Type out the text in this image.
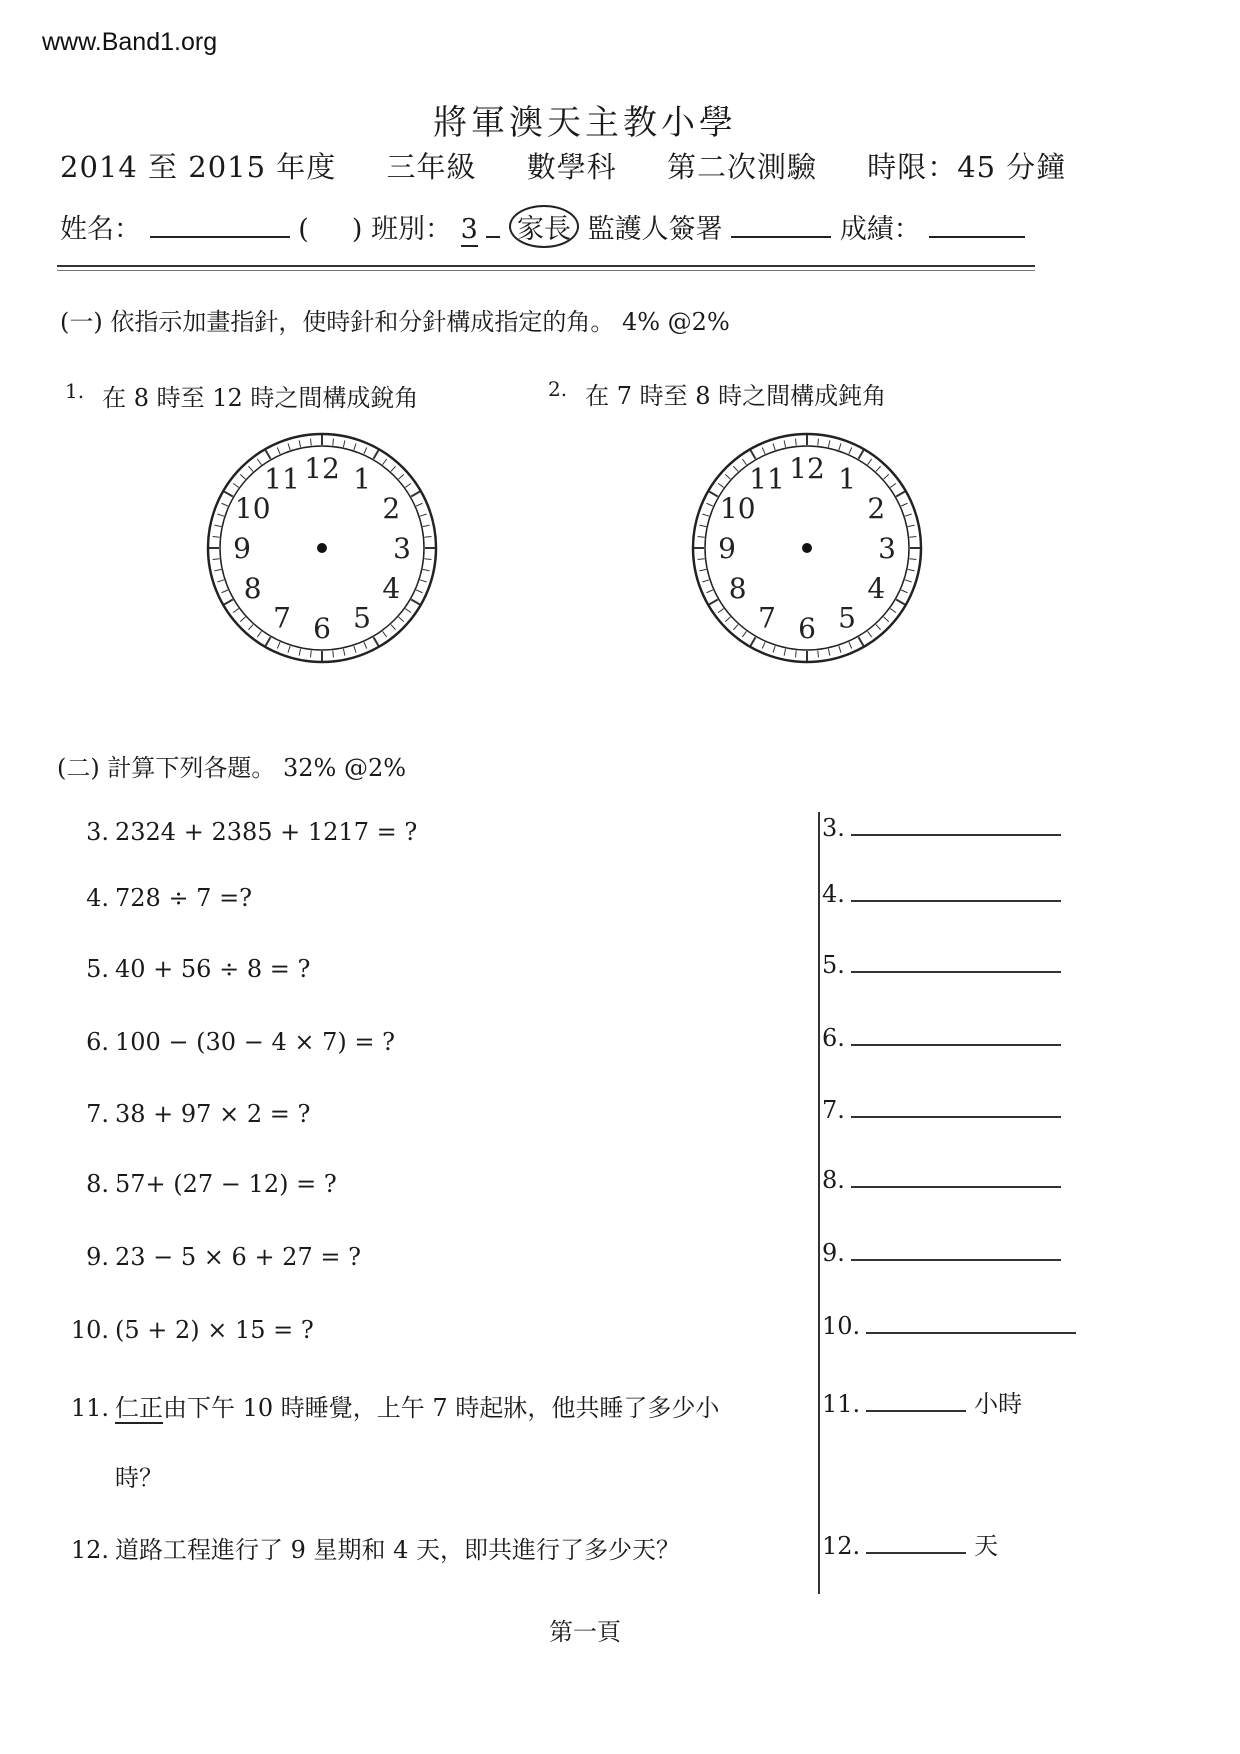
www.Band1.org
將軍澳天主教小學
2014 至 2015 年度 三年級 數學科 第二次測驗 時限：45 分鐘
姓名：	( ) 班別： 3 家長 監護人簽署	成績：
(一) 依指示加畫指針，使時針和分針構成指定的角。 4% @2%
$^{1.}$ 在 8 時至 12 時之間構成銳角	$^{2.}$ 在 7 時至 8 時之間構成鈍角
12 1
2
3
4
5
6
7
8
9
10
11	12 1
2
3
4
5
6
7
8
9
10
11
(二) 計算下列各題。 32% @2%
3. 2324 + 2385 + 1217 = ?
4. 728 ÷ 7 =?
5. 40 + 56 ÷ 8 = ?
6. 100 − (30 − 4 × 7) = ?
7. 38 + 97 × 2 = ?
8. 57+ (27 − 12) = ?
9. 23 − 5 × 6 + 27 = ?
10. (5 + 2) × 15 = ?
11. 仁正由下午 10 時睡覺，上午 7 時起牀，他共睡了多少小
時？
12. 道路工程進行了 9 星期和 4 天，即共進行了多少天？
3.
4.
5.
6.
7.
8.
9.
10.
11.	小時
12.	天
第一頁
